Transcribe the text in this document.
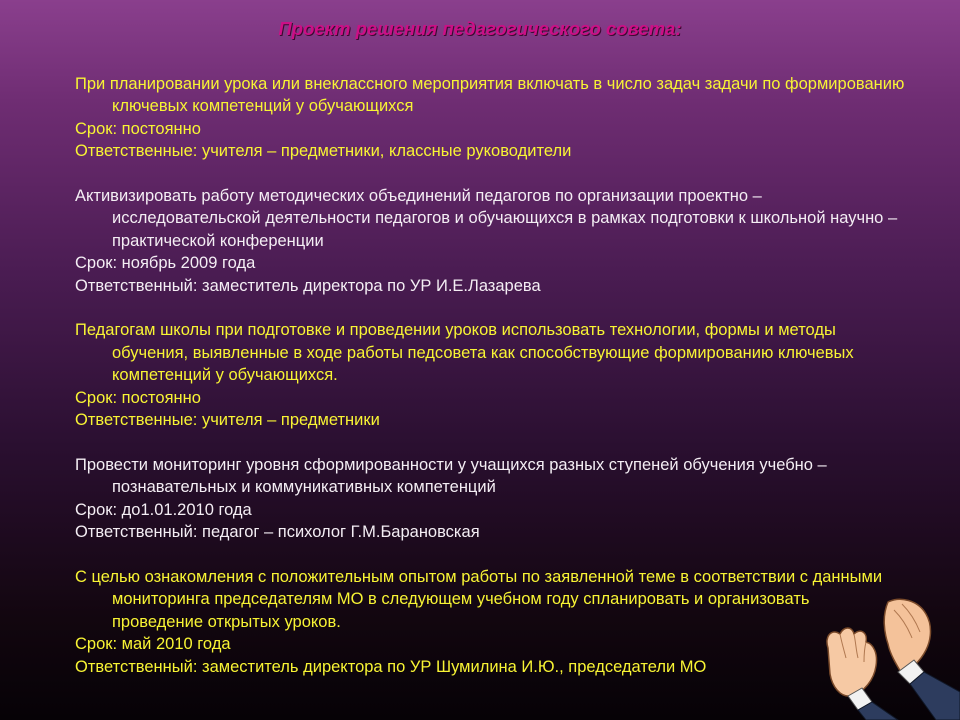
Проект решения педагогического совета:
При планировании урока или внеклассного мероприятия включать в число задач задачи по формированию ключевых компетенций у обучающихся
Срок: постоянно
Ответственные: учителя – предметники, классные руководители
Активизировать работу методических объединений педагогов по организации проектно – исследовательской деятельности педагогов и обучающихся в рамках подготовки к школьной научно – практической конференции
Срок: ноябрь 2009 года
Ответственный: заместитель директора по УР И.Е.Лазарева
Педагогам школы при подготовке и проведении уроков использовать технологии, формы и методы обучения, выявленные в ходе работы педсовета как способствующие формированию ключевых компетенций у обучающихся.
Срок: постоянно
Ответственные: учителя – предметники
Провести мониторинг уровня сформированности у учащихся разных ступеней обучения учебно – познавательных и коммуникативных компетенций
Срок: до1.01.2010 года
Ответственный: педагог – психолог Г.М.Барановская
С целью ознакомления с положительным опытом работы по заявленной теме в соответствии с данными мониторинга председателям МО в следующем учебном году спланировать и организовать проведение открытых уроков.
Срок: май 2010 года
Ответственный: заместитель директора по УР Шумилина И.Ю., председатели МО
